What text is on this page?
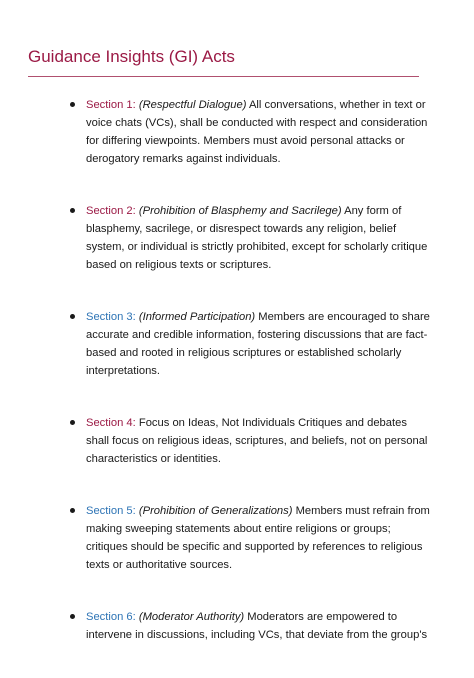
Guidance Insights (GI) Acts
Section 1: (Respectful Dialogue) All conversations, whether in text or voice chats (VCs), shall be conducted with respect and consideration for differing viewpoints. Members must avoid personal attacks or derogatory remarks against individuals.
Section 2: (Prohibition of Blasphemy and Sacrilege) Any form of blasphemy, sacrilege, or disrespect towards any religion, belief system, or individual is strictly prohibited, except for scholarly critique based on religious texts or scriptures.
Section 3: (Informed Participation) Members are encouraged to share accurate and credible information, fostering discussions that are fact-based and rooted in religious scriptures or established scholarly interpretations.
Section 4: Focus on Ideas, Not Individuals Critiques and debates shall focus on religious ideas, scriptures, and beliefs, not on personal characteristics or identities.
Section 5: (Prohibition of Generalizations) Members must refrain from making sweeping statements about entire religions or groups; critiques should be specific and supported by references to religious texts or authoritative sources.
Section 6: (Moderator Authority) Moderators are empowered to intervene in discussions, including VCs, that deviate from the group's
